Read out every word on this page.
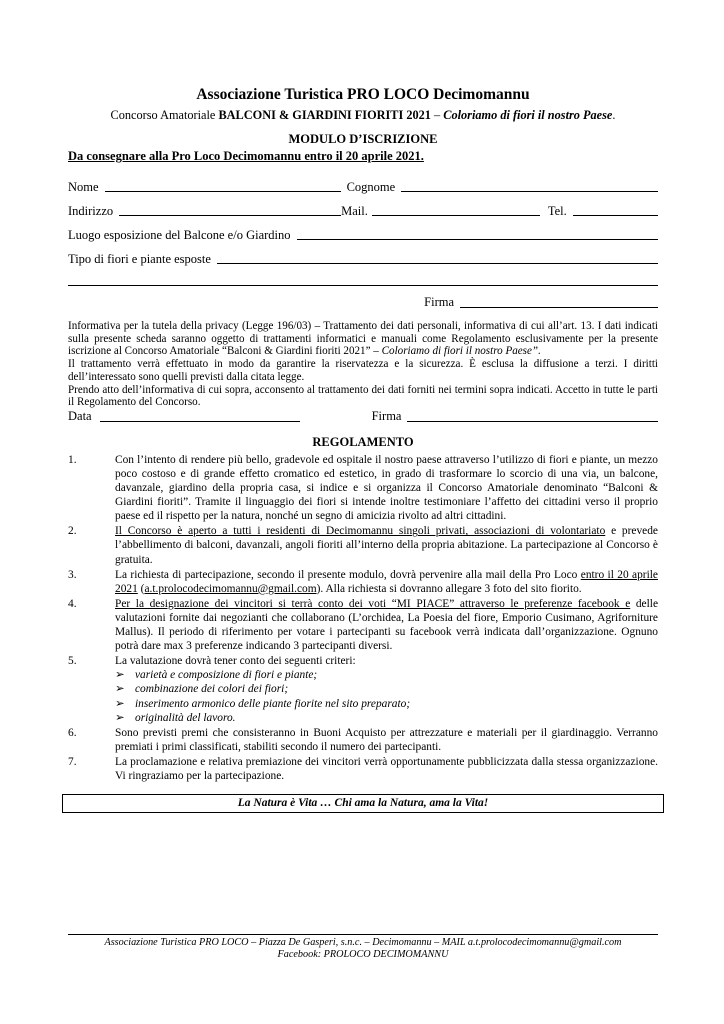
Associazione Turistica PRO LOCO Decimomannu
Concorso Amatoriale BALCONI & GIARDINI FIORITI 2021 – Coloriamo di fiori il nostro Paese.
MODULO D’ISCRIZIONE
Da consegnare alla Pro Loco Decimomannu entro il 20 aprile 2021.
Nome	Cognome
Indirizzo	Mail.	Tel.
Luogo esposizione del Balcone e/o Giardino
Tipo di fiori e piante esposte
Firma

Informativa per la tutela della privacy (Legge 196/03) – Trattamento dei dati personali, informativa di cui all’art. 13. I dati indicati sulla presente scheda saranno oggetto di trattamenti informatici e manuali come Regolamento esclusivamente per la presente iscrizione al Concorso Amatoriale “Balconi & Giardini fioriti 2021” – Coloriamo di fiori il nostro Paese”.

Il trattamento verrà effettuato in modo da garantire la riservatezza e la sicurezza. È esclusa la diffusione a terzi. I diritti dell’interessato sono quelli previsti dalla citata legge.

Prendo atto dell’informativa di cui sopra, acconsento al trattamento dei dati forniti nei termini sopra indicati. Accetto in tutte le parti il Regolamento del Concorso.

Data	Firma
REGOLAMENTO
1.	Con l’intento di rendere più bello, gradevole ed ospitale il nostro paese attraverso l’utilizzo di fiori e piante, un mezzo poco costoso e di grande effetto cromatico ed estetico, in grado di trasformare lo scorcio di una via, un balcone, davanzale, giardino della propria casa, si indice e si organizza il Concorso Amatoriale denominato “Balconi & Giardini fioriti”. Tramite il linguaggio dei fiori si intende inoltre testimoniare l’affetto dei cittadini verso il proprio paese ed il rispetto per la natura, nonché un segno di amicizia rivolto ad altri cittadini.
2.	Il Concorso è aperto a tutti i residenti di Decimomannu singoli privati, associazioni di volontariato e prevede l’abbellimento di balconi, davanzali, angoli fioriti all’interno della propria abitazione. La partecipazione al Concorso è gratuita.
3.	La richiesta di partecipazione, secondo il presente modulo, dovrà pervenire alla mail della Pro Loco entro il 20 aprile 2021 (a.t.prolocodecimomannu@gmail.com). Alla richiesta si dovranno allegare 3 foto del sito fiorito.
4.	Per la designazione dei vincitori si terrà conto dei voti “MI PIACE” attraverso le preferenze facebook e delle valutazioni fornite dai negozianti che collaborano (L’orchidea, La Poesia del fiore, Emporio Cusimano, Agriforniture Mallus). Il periodo di riferimento per votare i partecipanti su facebook verrà indicata dall’organizzazione. Ognuno potrà dare max 3 preferenze indicando 3 partecipanti diversi.
5.	La valutazione dovrà tener conto dei seguenti criteri:
➢ varietà e composizione di fiori e piante;
➢ combinazione dei colori dei fiori;
➢ inserimento armonico delle piante fiorite nel sito preparato;
➢ originalità del lavoro.
6.	Sono previsti premi che consisteranno in Buoni Acquisto per attrezzature e materiali per il giardinaggio. Verranno premiati i primi classificati, stabiliti secondo il numero dei partecipanti.
7.	La proclamazione e relativa premiazione dei vincitori verrà opportunamente pubblicizzata dalla stessa organizzazione. Vi ringraziamo per la partecipazione.
La Natura è Vita … Chi ama la Natura, ama la Vita!
Associazione Turistica PRO LOCO – Piazza De Gasperi, s.n.c. – Decimomannu – MAIL a.t.prolocodecimomannu@gmail.com
Facebook: PROLOCO DECIMOMANNU
